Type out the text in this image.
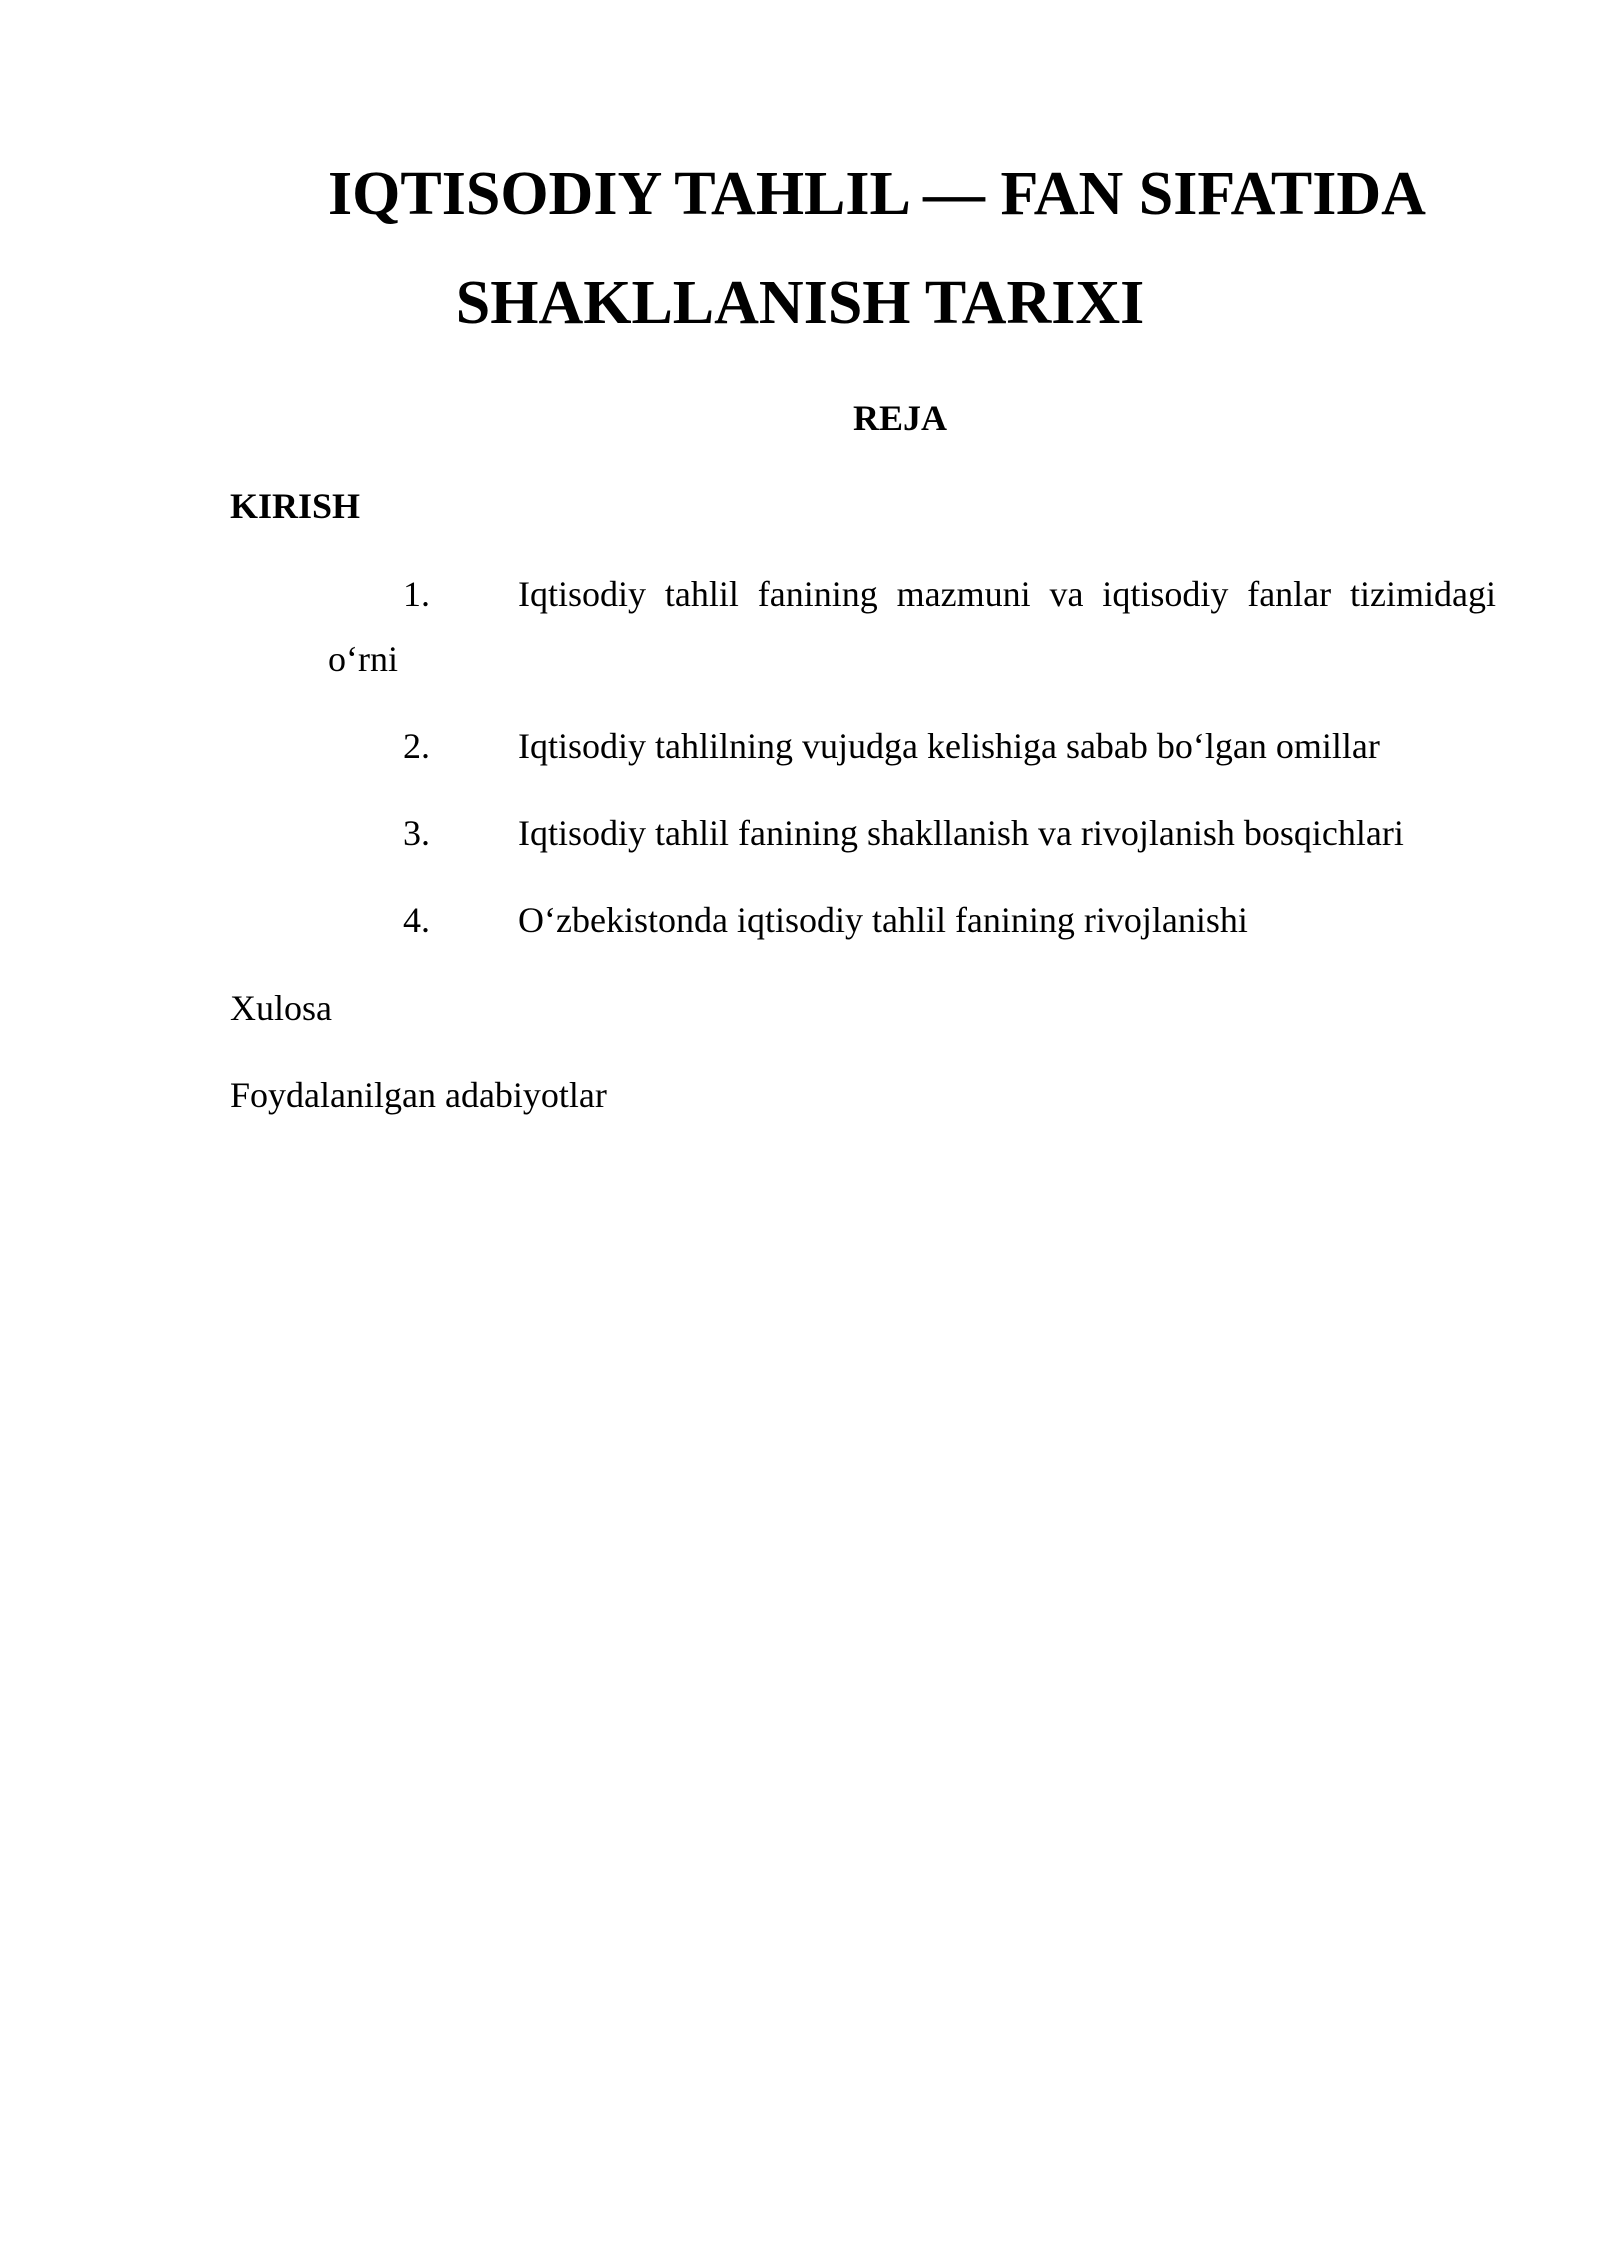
IQTISODIY TAHLIL — FAN SIFATIDA
SHAKLLANISH TARIXI
REJA
KIRISH
1. Iqtisodiy tahlil fanining mazmuni va iqtisodiy fanlar tizimidagi
o‘rni
2. Iqtisodiy tahlilning vujudga kelishiga sabab bo‘lgan omillar
3. Iqtisodiy tahlil fanining shakllanish va rivojlanish bosqichlari
4. O‘zbekistonda iqtisodiy tahlil fanining rivojlanishi
Xulosa
Foydalanilgan adabiyotlar
